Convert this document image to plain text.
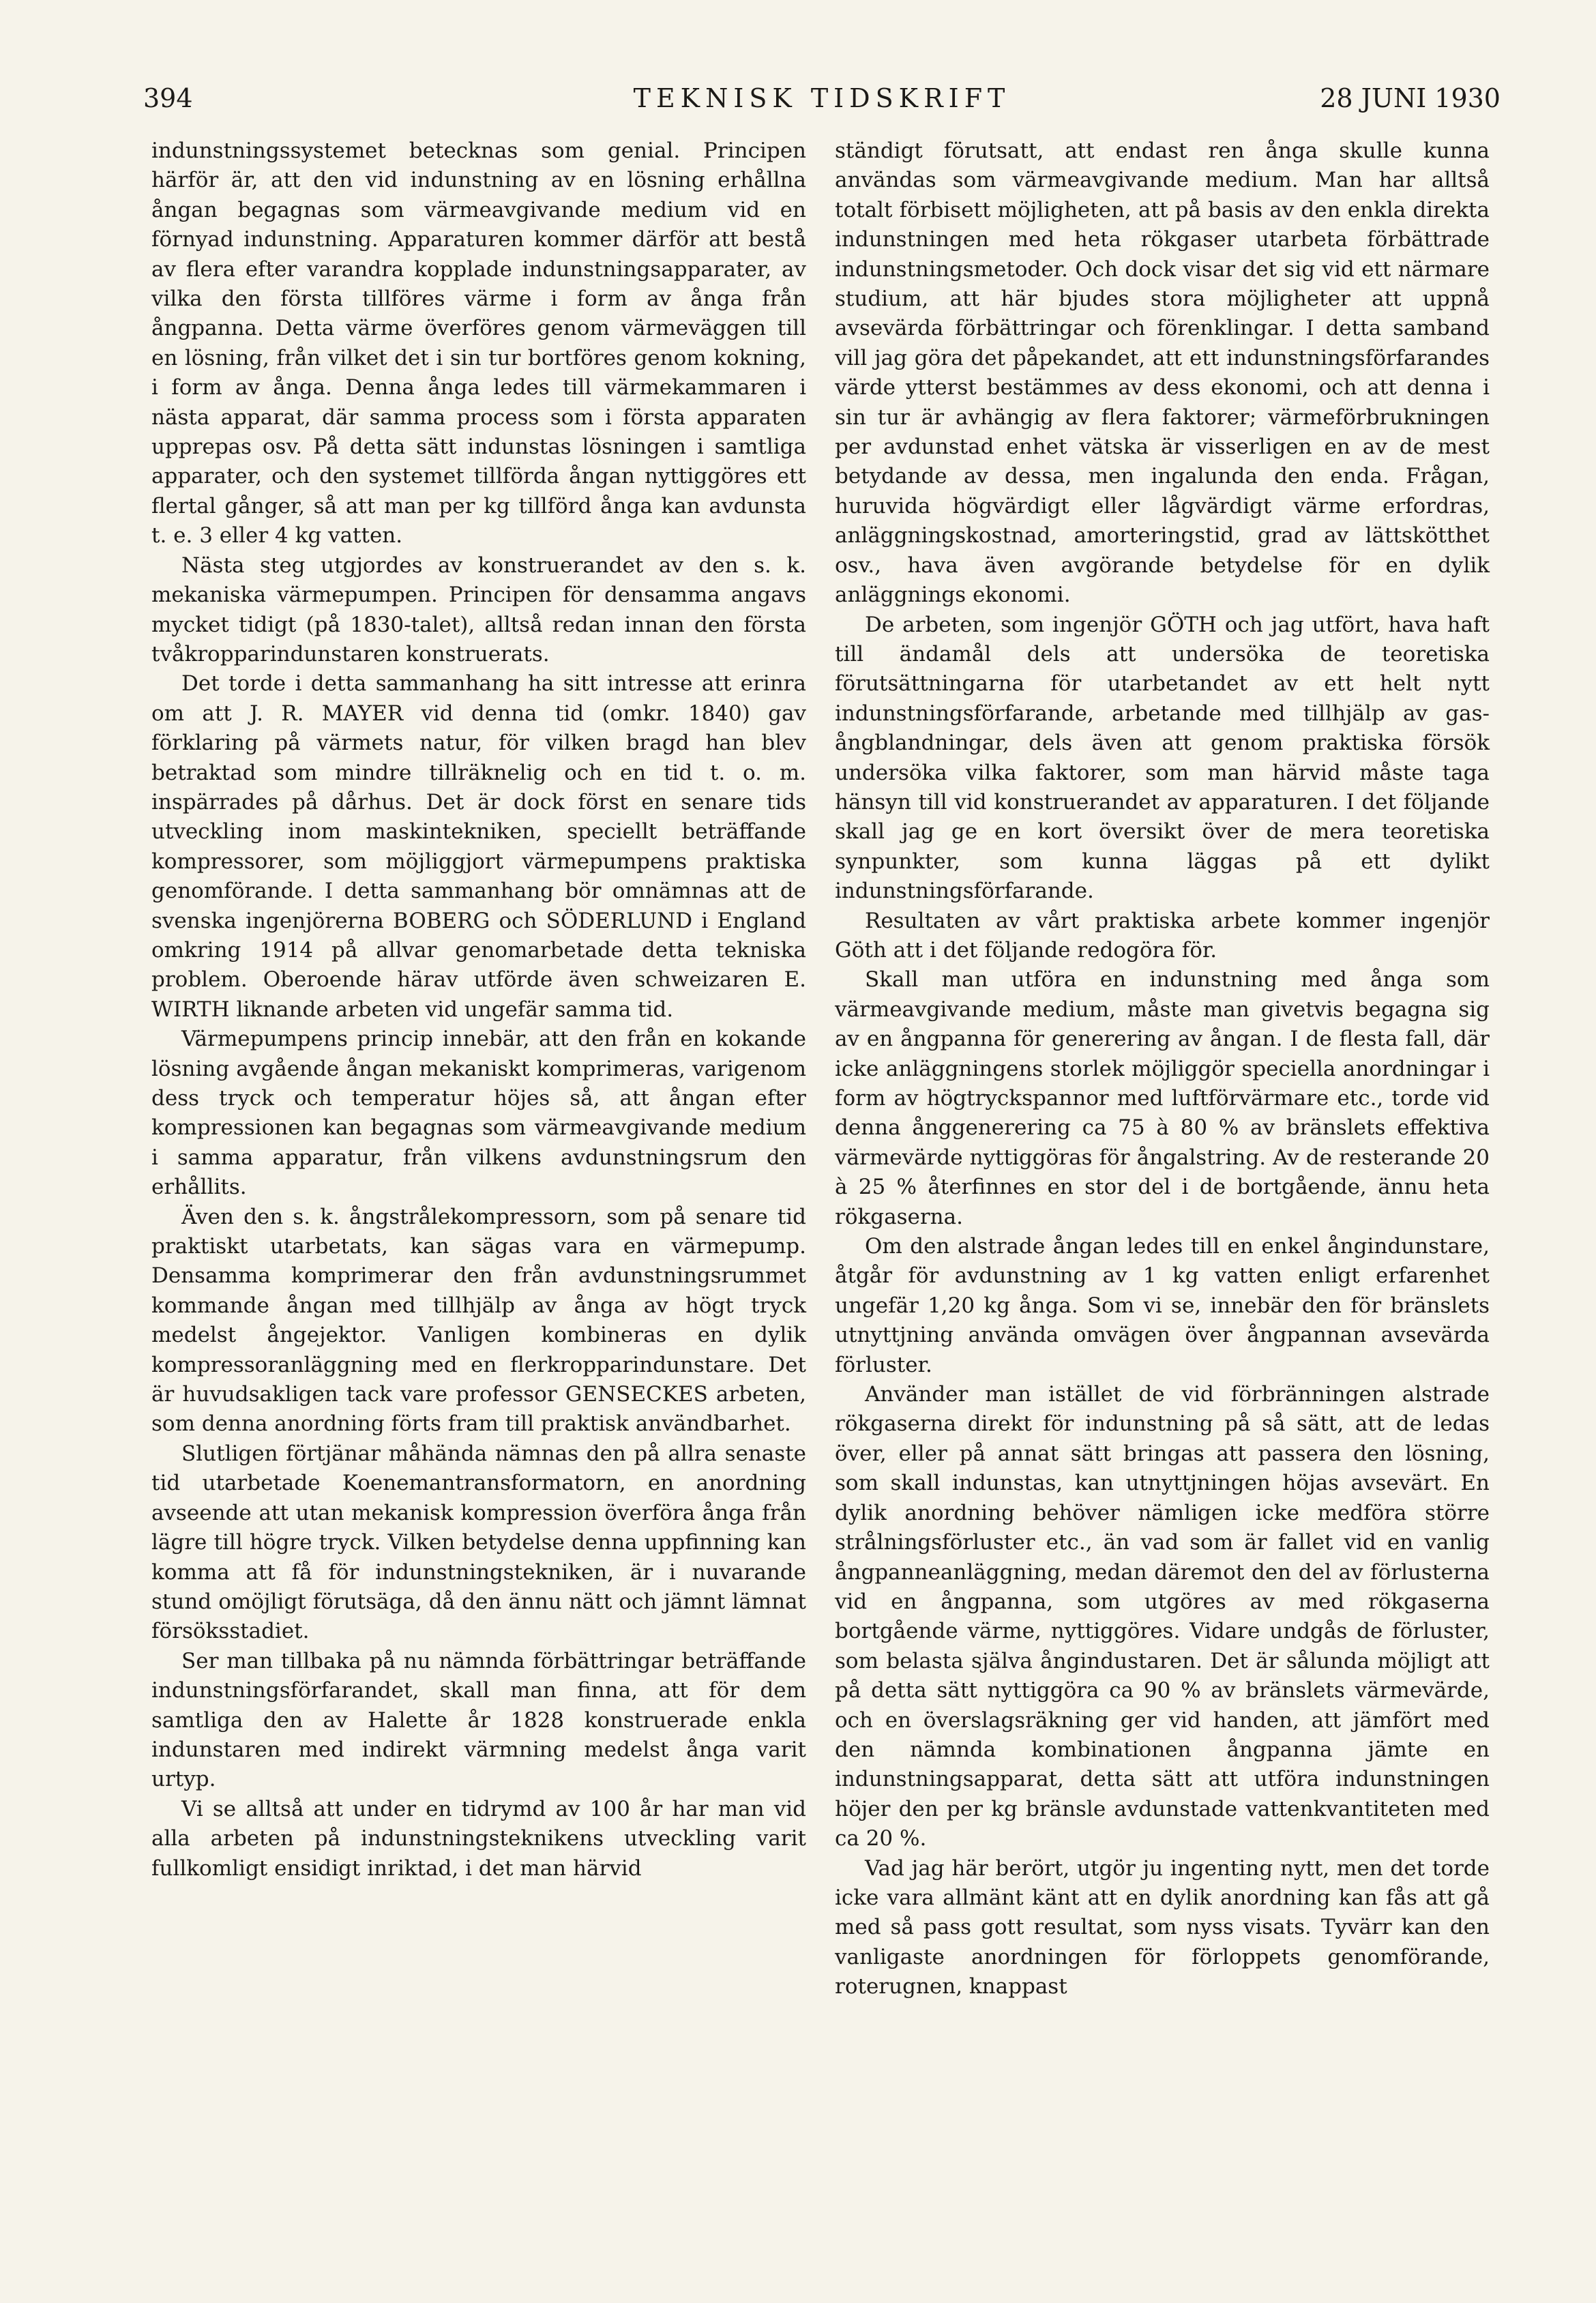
394	TEKNISK TIDSKRIFT	28 JUNI 1930

indunstningssystemet betecknas som genial. Principen härför är, att den vid indunstning av en lösning erhållna ångan begagnas som värmeavgivande medium vid en förnyad indunstning. Apparaturen kommer därför att bestå av flera efter varandra kopplade indunstningsapparater, av vilka den första tillföres värme i form av ånga från ångpanna. Detta värme överföres genom värmeväggen till en lösning, från vilket det i sin tur bortföres genom kokning, i form av ånga. Denna ånga ledes till värmekammaren i nästa apparat, där samma process som i första apparaten upprepas osv. På detta sätt indunstas lösningen i samtliga apparater, och den systemet tillförda ångan nyttiggöres ett flertal gånger, så att man per kg tillförd ånga kan avdunsta t. e. 3 eller 4 kg vatten.

Nästa steg utgjordes av konstruerandet av den s. k. mekaniska värmepumpen. Principen för densamma angavs mycket tidigt (på 1830-talet), alltså redan innan den första tvåkropparindunstaren konstruerats.

Det torde i detta sammanhang ha sitt intresse att erinra om att J. R. MAYER vid denna tid (omkr. 1840) gav förklaring på värmets natur, för vilken bragd han blev betraktad som mindre tillräknelig och en tid t. o. m. inspärrades på dårhus. Det är dock först en senare tids utveckling inom maskintekniken, speciellt beträffande kompressorer, som möjliggjort värmepumpens praktiska genomförande. I detta sammanhang bör omnämnas att de svenska ingenjörerna BOBERG och SÖDERLUND i England omkring 1914 på allvar genomarbetade detta tekniska problem. Oberoende härav utförde även schweizaren E. WIRTH liknande arbeten vid ungefär samma tid.

Värmepumpens princip innebär, att den från en kokande lösning avgående ångan mekaniskt komprimeras, varigenom dess tryck och temperatur höjes så, att ångan efter kompressionen kan begagnas som värmeavgivande medium i samma apparatur, från vilkens avdunstningsrum den erhållits.

Även den s. k. ångstrålekompressorn, som på senare tid praktiskt utarbetats, kan sägas vara en värmepump. Densamma komprimerar den från avdunstningsrummet kommande ångan med tillhjälp av ånga av högt tryck medelst ångejektor. Vanligen kombineras en dylik kompressoranläggning med en flerkropparindunstare. Det är huvudsakligen tack vare professor GENSECKES arbeten, som denna anordning förts fram till praktisk användbarhet.

Slutligen förtjänar måhända nämnas den på allra senaste tid utarbetade Koenemantransformatorn, en anordning avseende att utan mekanisk kompression överföra ånga från lägre till högre tryck. Vilken betydelse denna uppfinning kan komma att få för indunstningstekniken, är i nuvarande stund omöjligt förutsäga, då den ännu nätt och jämnt lämnat försöksstadiet.

Ser man tillbaka på nu nämnda förbättringar beträffande indunstningsförfarandet, skall man finna, att för dem samtliga den av Halette år 1828 konstruerade enkla indunstaren med indirekt värmning medelst ånga varit urtyp.

Vi se alltså att under en tidrymd av 100 år har man vid alla arbeten på indunstningsteknikens utveckling varit fullkomligt ensidigt inriktad, i det man härvid

ständigt förutsatt, att endast ren ånga skulle kunna användas som värmeavgivande medium. Man har alltså totalt förbisett möjligheten, att på basis av den enkla direkta indunstningen med heta rökgaser utarbeta förbättrade indunstningsmetoder. Och dock visar det sig vid ett närmare studium, att här bjudes stora möjligheter att uppnå avsevärda förbättringar och förenklingar. I detta samband vill jag göra det påpekandet, att ett indunstningsförfarandes värde ytterst bestämmes av dess ekonomi, och att denna i sin tur är avhängig av flera faktorer; värmeförbrukningen per avdunstad enhet vätska är visserligen en av de mest betydande av dessa, men ingalunda den enda. Frågan, huruvida högvärdigt eller lågvärdigt värme erfordras, anläggningskostnad, amorteringstid, grad av lättskötthet osv., hava även avgörande betydelse för en dylik anläggnings ekonomi.

De arbeten, som ingenjör GÖTH och jag utfört, hava haft till ändamål dels att undersöka de teoretiska förutsättningarna för utarbetandet av ett helt nytt indunstningsförfarande, arbetande med tillhjälp av gas-ångblandningar, dels även att genom praktiska försök undersöka vilka faktorer, som man härvid måste taga hänsyn till vid konstruerandet av apparaturen. I det följande skall jag ge en kort översikt över de mera teoretiska synpunkter, som kunna läggas på ett dylikt indunstningsförfarande.

Resultaten av vårt praktiska arbete kommer ingenjör Göth att i det följande redogöra för.

Skall man utföra en indunstning med ånga som värmeavgivande medium, måste man givetvis begagna sig av en ångpanna för generering av ångan. I de flesta fall, där icke anläggningens storlek möjliggör speciella anordningar i form av högtryckspannor med luftförvärmare etc., torde vid denna ånggenerering ca 75 à 80 % av bränslets effektiva värmevärde nyttiggöras för ångalstring. Av de resterande 20 à 25 % återfinnes en stor del i de bortgående, ännu heta rökgaserna.

Om den alstrade ångan ledes till en enkel ångindunstare, åtgår för avdunstning av 1 kg vatten enligt erfarenhet ungefär 1,20 kg ånga. Som vi se, innebär den för bränslets utnyttjning använda omvägen över ångpannan avsevärda förluster.

Använder man istället de vid förbränningen alstrade rökgaserna direkt för indunstning på så sätt, att de ledas över, eller på annat sätt bringas att passera den lösning, som skall indunstas, kan utnyttjningen höjas avsevärt. En dylik anordning behöver nämligen icke medföra större strålningsförluster etc., än vad som är fallet vid en vanlig ångpanneanläggning, medan däremot den del av förlusterna vid en ångpanna, som utgöres av med rökgaserna bortgående värme, nyttiggöres. Vidare undgås de förluster, som belasta själva ångindustaren. Det är sålunda möjligt att på detta sätt nyttiggöra ca 90 % av bränslets värmevärde, och en överslagsräkning ger vid handen, att jämfört med den nämnda kombinationen ångpanna jämte en indunstningsapparat, detta sätt att utföra indunstningen höjer den per kg bränsle avdunstade vattenkvantiteten med ca 20 %.

Vad jag här berört, utgör ju ingenting nytt, men det torde icke vara allmänt känt att en dylik anordning kan fås att gå med så pass gott resultat, som nyss visats. Tyvärr kan den vanligaste anordningen för förloppets genomförande, roterugnen, knappast
